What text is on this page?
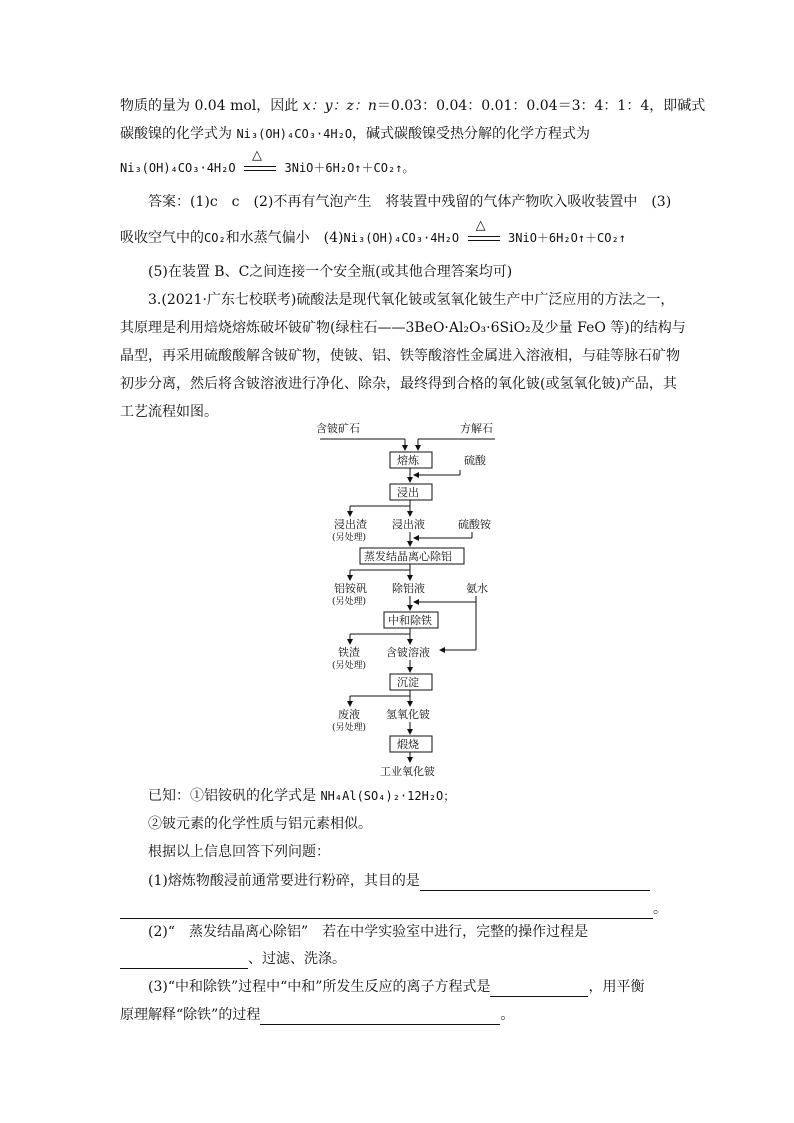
物质的量为 0.04 mol，因此 x：y：z：n＝0.03：0.04：0.01：0.04＝3：4：1：4，即碱式
碳酸镍的化学式为 Ni₃(OH)₄CO₃·4H₂O，碱式碳酸镍受热分解的化学方程式为
Ni₃(OH)₄CO₃·4H₂O
△
3NiO＋6H₂O↑＋CO₂↑。
答案：(1)c　c　(2)不再有气泡产生　将装置中残留的气体产物吹入吸收装置中　(3)
吸收空气中的CO₂和水蒸气偏小　(4)Ni₃(OH)₄CO₃·4H₂O
△
3NiO＋6H₂O↑＋CO₂↑
(5)在装置 B、C之间连接一个安全瓶(或其他合理答案均可)
3.(2021·广东七校联考)硫酸法是现代氧化铍或氢氧化铍生产中广泛应用的方法之一，
其原理是利用焙烧熔炼破坏铍矿物(绿柱石——3BeO·Al₂O₃·6SiO₂及少量 FeO 等)的结构与
晶型，再采用硫酸酸解含铍矿物，使铍、铝、铁等酸溶性金属进入溶液相，与硅等脉石矿物
初步分离，然后将含铍溶液进行净化、除杂，最终得到合格的氧化铍(或氢氧化铍)产品，其
工艺流程如图。
含铍矿石	方解石
熔炼	硫酸
浸出
浸出渣
(另处理)
浸出液	硫酸铵
蒸发结晶离心除铝
铝铵矾
(另处理)
除铝液	氨水
中和除铁
铁渣
(另处理)
含铍溶液
沉淀
废液
(另处理)
氢氧化铍
煅烧
工业氧化铍
已知：①铝铵矾的化学式是 NH₄Al(SO₄)₂·12H₂O；
②铍元素的化学性质与铝元素相似。
根据以上信息回答下列问题：
(1)熔炼物酸浸前通常要进行粉碎，其目的是
。
(2)“　蒸发结晶离心除铝”　若在中学实验室中进行，完整的操作过程是
、过滤、洗涤。
(3)“中和除铁”过程中“中和”所发生反应的离子方程式是	，用平衡
原理解释“除铁”的过程	。
